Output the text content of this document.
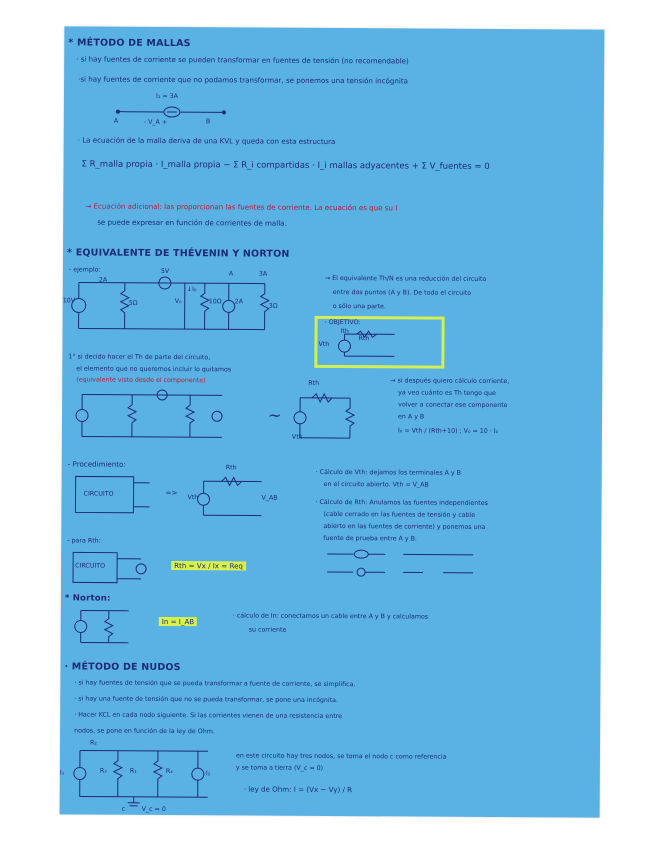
* MÉTODO DE MALLAS
· si hay fuentes de corriente se pueden transformar en fuentes de tensión (no recomendable)
·si hay fuentes de corriente que no podamos transformar, se ponemos una tensión incógnita
I₁ = 3A
A	- V_A +	B
· La ecuación de la malla deriva de una KVL y queda con esta estructura
Σ R_malla propia · I_malla propia − Σ R_i compartidas · I_i mallas adyacentes + Σ V_fuentes = 0
→ Ecuación adicional: las proporcionan las fuentes de corriente. La ecuación es que su I
se puede expresar en función de corrientes de malla.
* EQUIVALENTE DE THÉVENIN Y NORTON
- ejemplo:
2A
5V	A	3A
10V	5Ω	V₀	10Ω 2A
3Ω
↓I₀
→ El equivalente Th/N es una reducción del circuito
entre dos puntos (A y B). De todo el circuito
o sólo una parte.
· OBJETIVO:
Vth
Rth
Ith
1° si decido hacer el Th de parte del circuito,
el elemento que no queremos incluir lo quitamos
(equivalente visto desde el componente)
~
Vth
Rth	→ si después quiero cálculo corriente,
ya veo cuánto es Th tengo que
volver a conectar ese componente
en A y B
I₀ = Vth / (Rth+10) ; V₀ = 10 · I₀
- Procedimiento:
CIRCUITO	=>
Vth
Rth
V_AB
· Cálculo de Vth: dejamos los terminales A y B
en el circuito abierto. Vth = V_AB
· Cálculo de Rth: Anulamos las fuentes independientes
(cable cerrado en las fuentes de tensión y cable
abierto en las fuentes de corriente) y ponemos una
fuente de prueba entre A y B.
- para Rth:
CIRCUITO	Rth = Vx / Ix = Req
* Norton:
In = I_AB
· cálculo de In: conectamos un cable entre A y B y calculamos
su corriente
· MÉTODO DE NUDOS
· si hay fuentes de tensión que se pueda transformar a fuente de corriente, se simplifica.
· si hay una fuente de tensión que no se pueda transformar, se pone una incógnita.
· Hacer KCL en cada nodo siguiente. Si las corrientes vienen de una resistencia entre
nodos, se pone en función de la ley de Ohm.
R₂
R₁
R₃	R₄
I₁	I₂
c	V_c = 0
en este circuito hay tres nodos, se toma el nodo c como referencia
y se toma a tierra (V_c = 0)
· ley de Ohm: I = (Vx − Vy) / R
